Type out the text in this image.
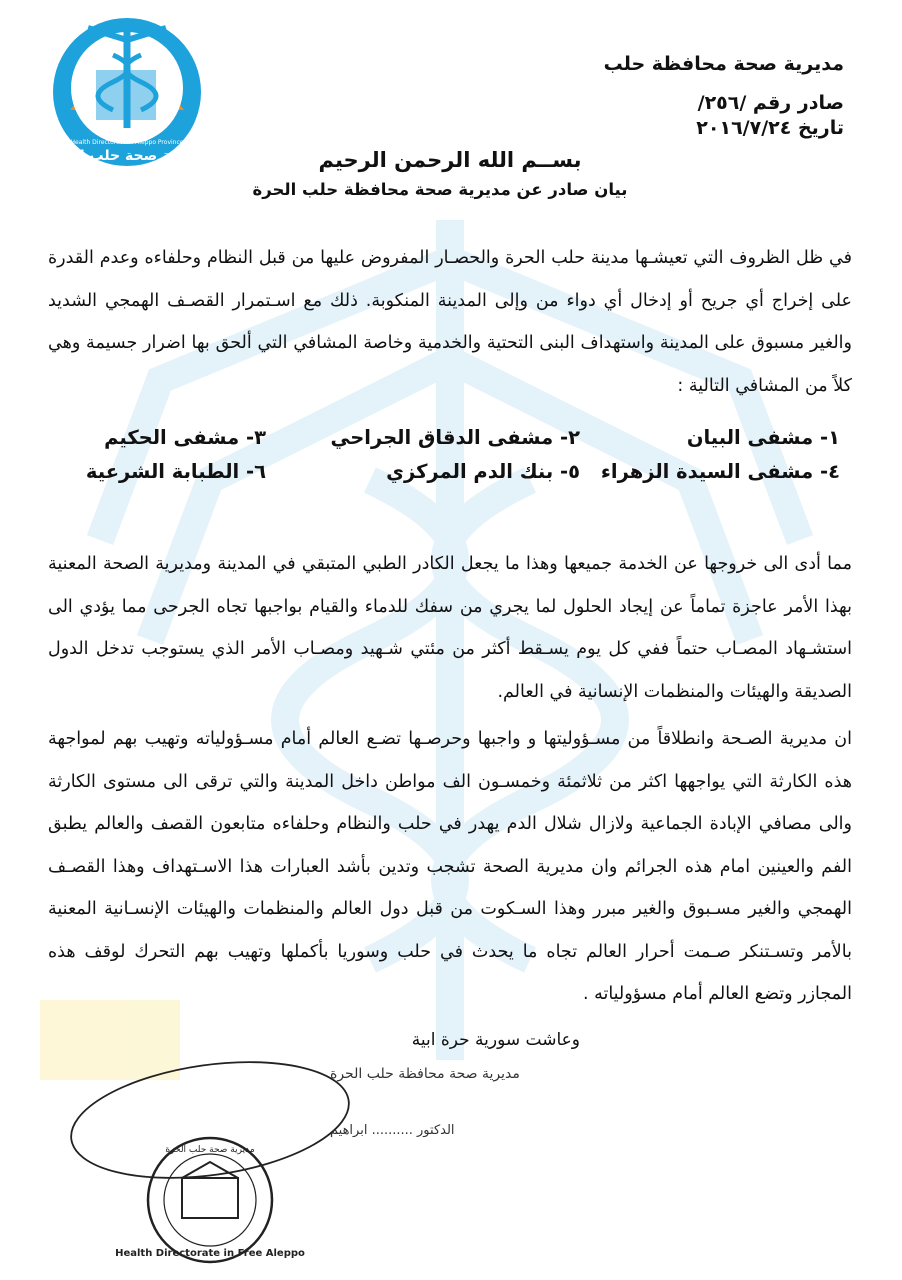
مديرية صحة حلب الحرة
Health Directorate in Aleppo Province
مديرية صحة محافظة حلب
صادر رقم /٢٥٦/
تاريخ ٢٠١٦/٧/٢٤
بســم الله الرحمن الرحيم
بيان صادر عن مديرية صحة محافظة حلب الحرة
في ظل الظروف التي تعيشـها مدينة حلب الحرة والحصـار المفروض عليها من قبل النظام وحلفاءه وعدم القدرة على إخراج أي جريح أو إدخال أي دواء من وإلى المدينة المنكوبة. ذلك مع اسـتمرار القصـف الهمجي الشديد والغير مسبوق على المدينة واستهداف البنى التحتية والخدمية وخاصة المشافي التي ألحق بها اضرار جسيمة وهي كلاً من المشافي التالية :
١- مشفى البيان
٢- مشفى الدقاق الجراحي
٣- مشفى الحكيم
٤- مشفى السيدة الزهراء
٥- بنك الدم المركزي
٦- الطبابة الشرعية
مما أدى الى خروجها عن الخدمة جميعها وهذا ما يجعل الكادر الطبي المتبقي في المدينة ومديرية الصحة المعنية بهذا الأمر عاجزة تماماً عن إيجاد الحلول لما يجري من سفك للدماء والقيام بواجبها تجاه الجرحى مما يؤدي الى استشـهاد المصـاب حتماً ففي كل يوم يسـقط أكثر من مئتي شـهيد ومصـاب الأمر الذي يستوجب تدخل الدول الصديقة والهيئات والمنظمات الإنسانية في العالم.
ان مديرية الصـحة وانطلاقاً من مسـؤوليتها و واجبها وحرصـها تضـع العالم أمام مسـؤولياته وتهيب بهم لمواجهة هذه الكارثة التي يواجهها اكثر من ثلاثمئة وخمسـون الف مواطن داخل المدينة والتي ترقى الى مستوى الكارثة والى مصافي الإبادة الجماعية ولازال شلال الدم يهدر في حلب والنظام وحلفاءه متابعون القصف والعالم يطبق الفم والعينين امام هذه الجرائم وان مديرية الصحة تشجب وتدين بأشد العبارات هذا الاسـتهداف وهذا القصـف الهمجي والغير مسـبوق والغير مبرر وهذا السـكوت من قبل دول العالم والمنظمات والهيئات الإنسـانية المعنية بالأمر وتسـتنكر صـمت أحرار العالم تجاه ما يحدث في حلب وسوريا بأكملها وتهيب بهم التحرك لوقف هذه المجازر وتضع العالم أمام مسؤولياته .
وعاشت سورية حرة ابية
مديرية صحة محافظة حلب الحرة
الدكتور .......... ابراهيم
Health Directorate in Free Aleppo
مديرية صحة حلب الحرة
